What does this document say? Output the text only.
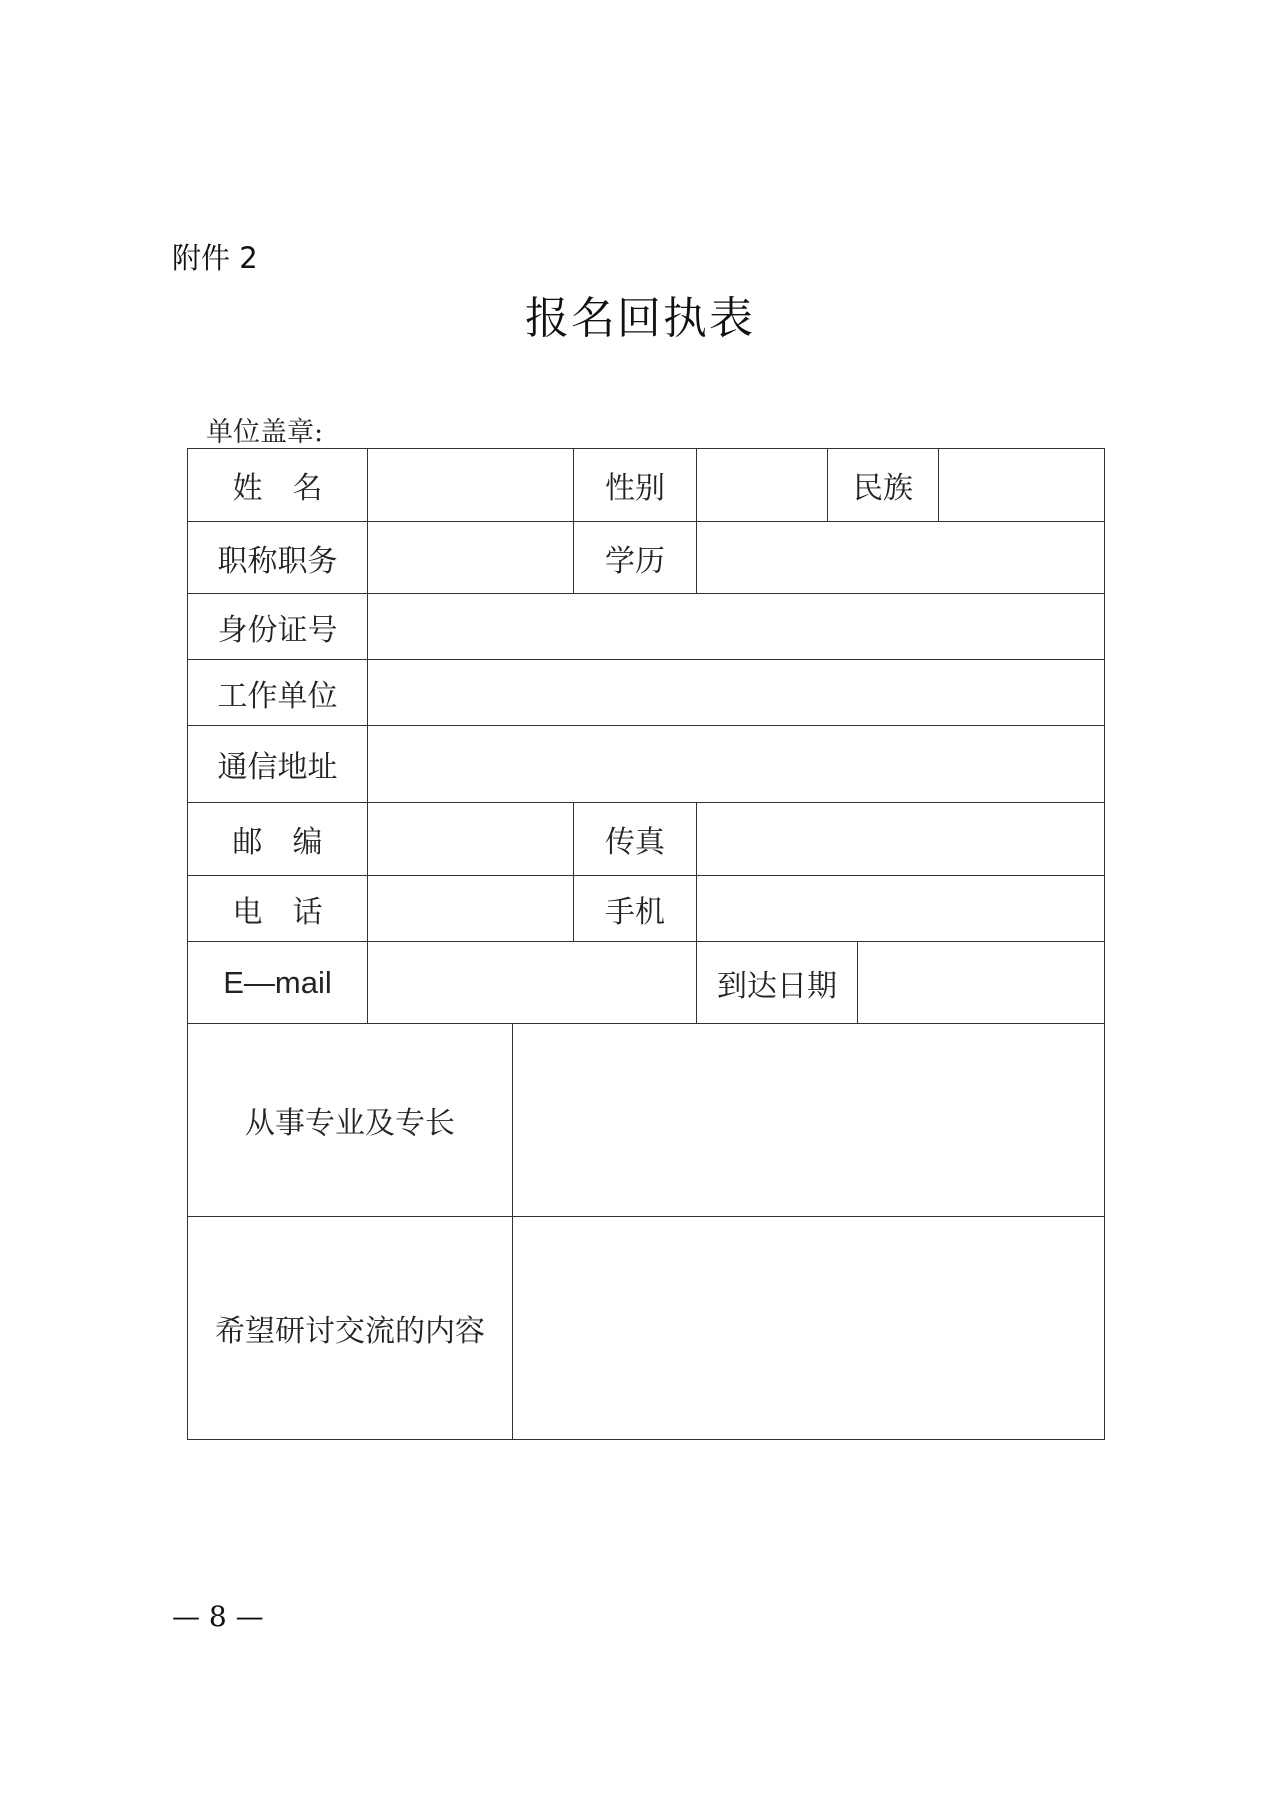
附件 2
报名回执表
单位盖章:
姓　名	性别	民族
职称职务	学历
身份证号
工作单位
通信地址
邮　编	传真
电　话	手机
E—mail	到达日期
从事专业及专长
希望研讨交流的内容
— 8 —
